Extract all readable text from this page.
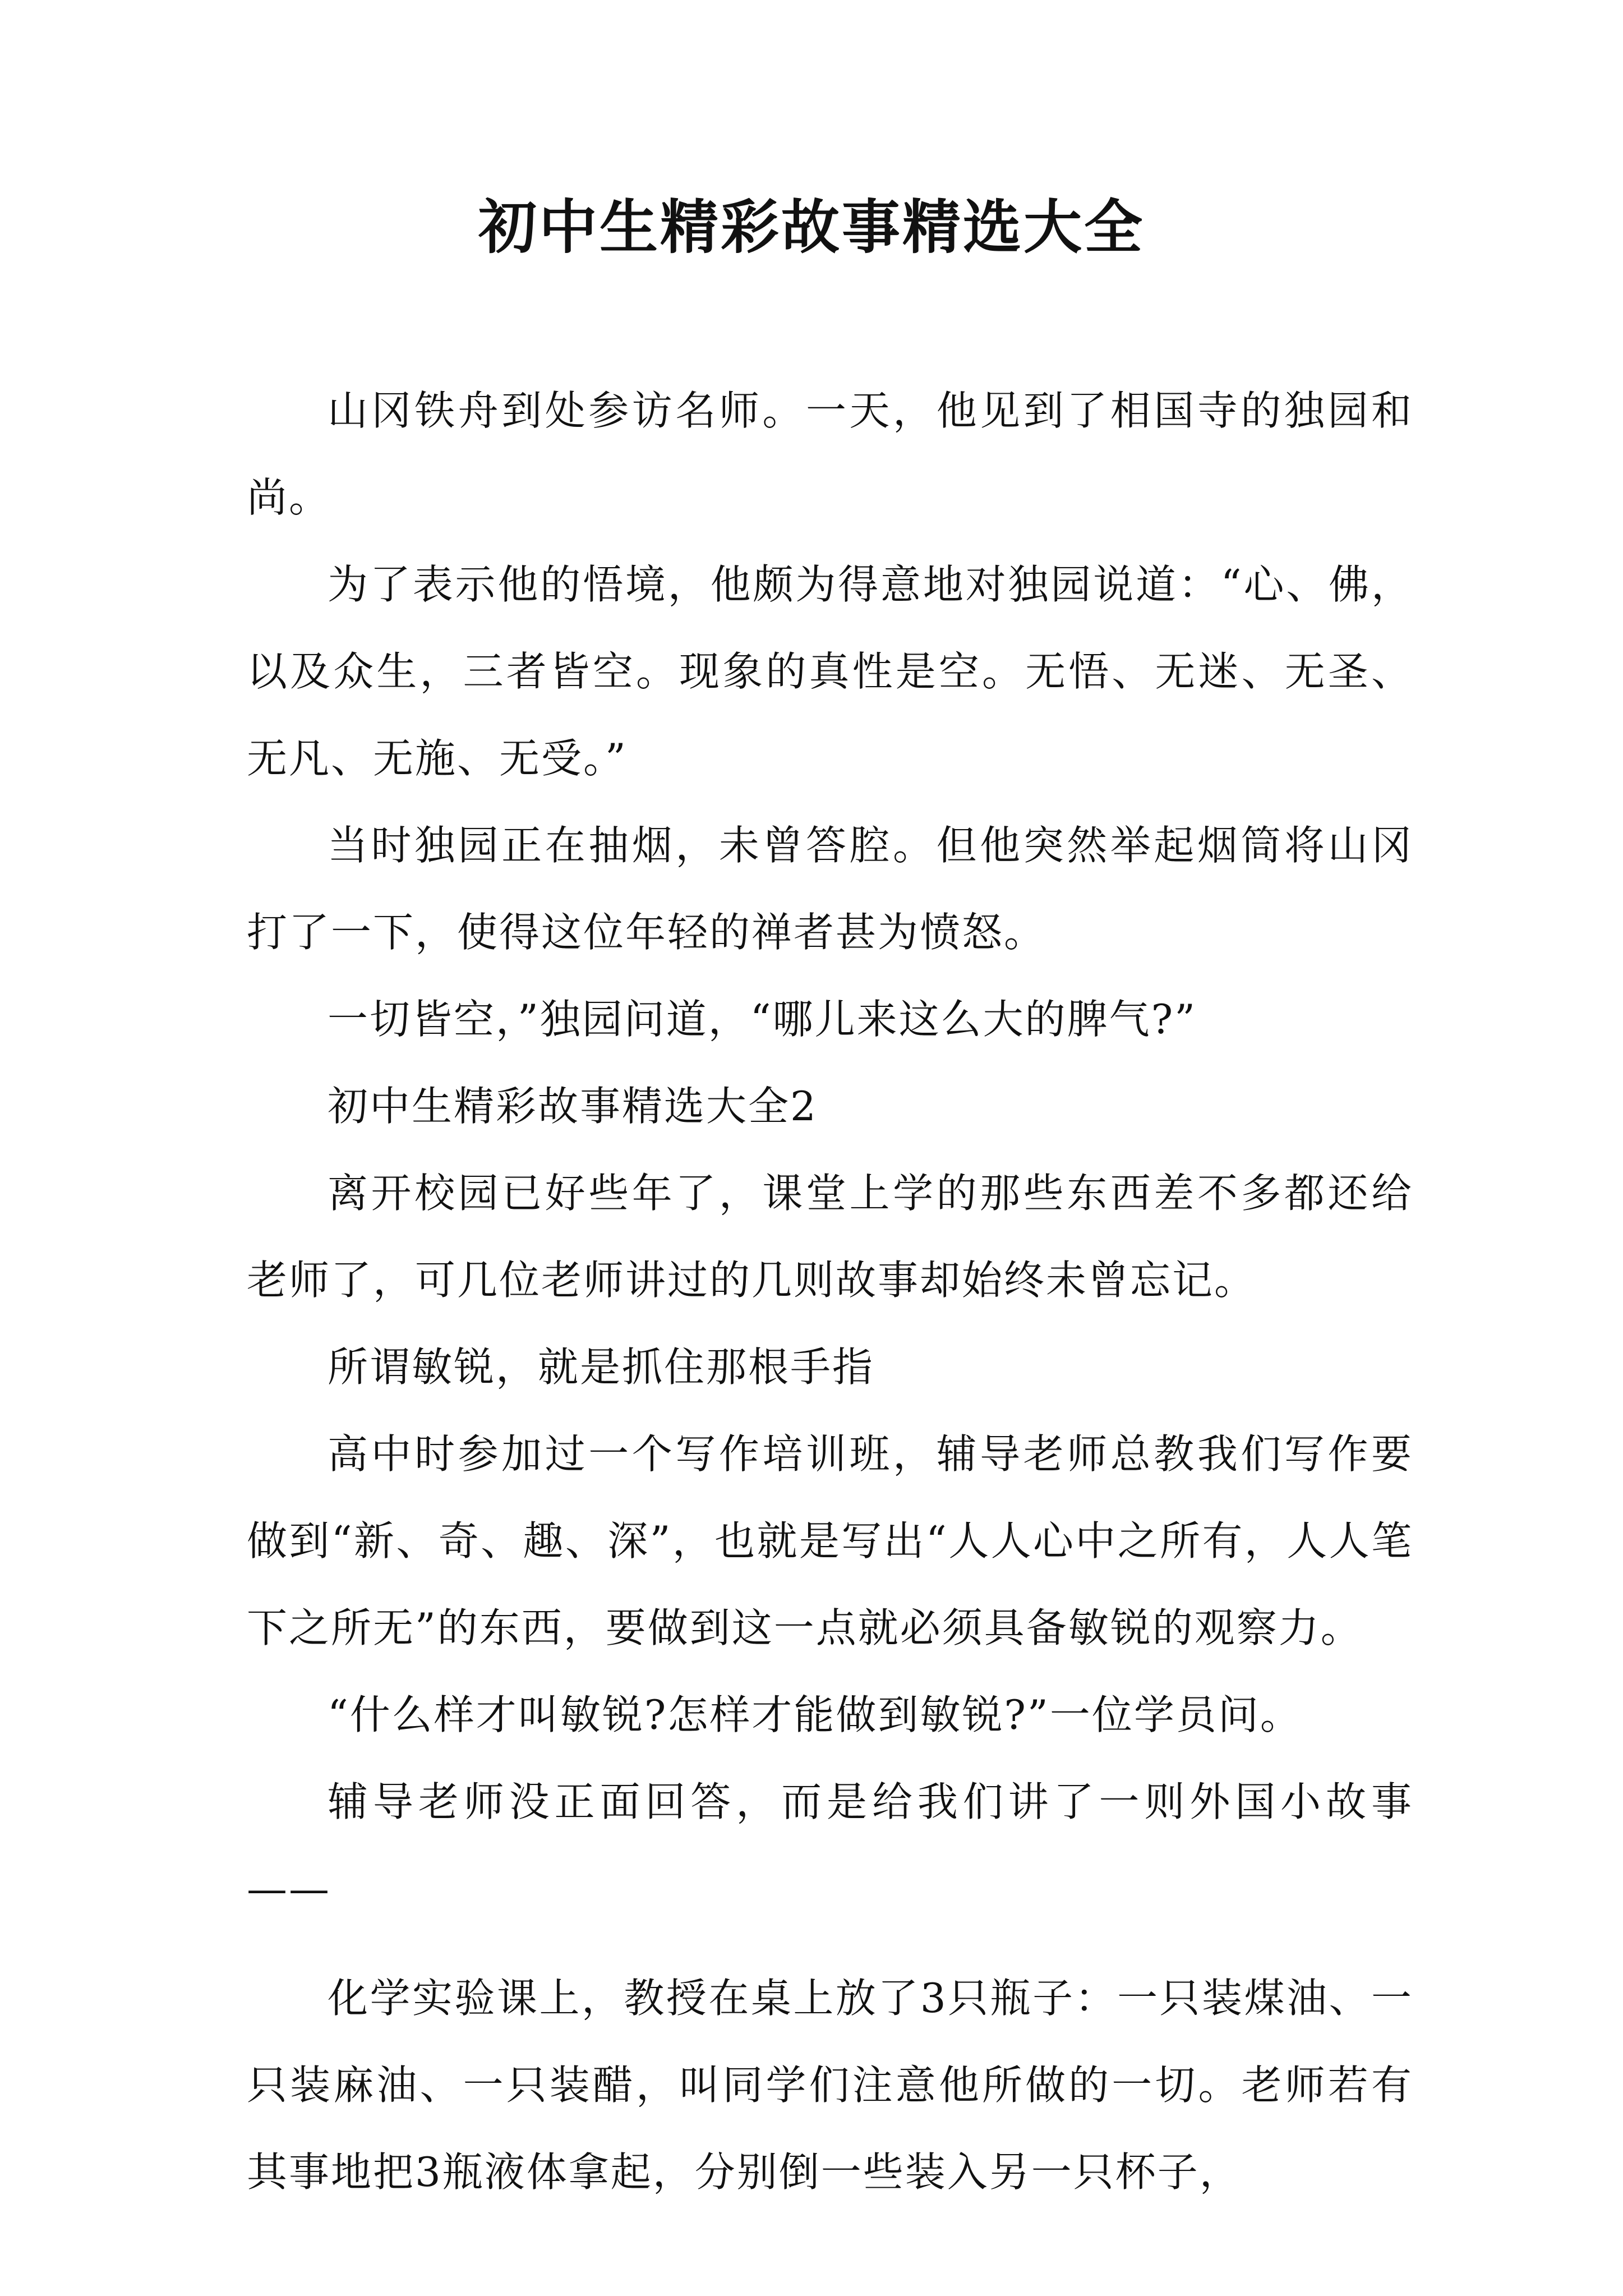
初中生精彩故事精选大全

山冈铁舟到处参访名师。一天，他见到了相国寺的独园和尚。

为了表示他的悟境，他颇为得意地对独园说道：“心、佛，以及众生，三者皆空。现象的真性是空。无悟、无迷、无圣、无凡、无施、无受。”

当时独园正在抽烟，未曾答腔。但他突然举起烟筒将山冈打了一下，使得这位年轻的禅者甚为愤怒。

一切皆空，”独园问道，“哪儿来这么大的脾气?”

初中生精彩故事精选大全2

离开校园已好些年了，课堂上学的那些东西差不多都还给老师了，可几位老师讲过的几则故事却始终未曾忘记。

所谓敏锐，就是抓住那根手指

高中时参加过一个写作培训班，辅导老师总教我们写作要做到“新、奇、趣、深”，也就是写出“人人心中之所有，人人笔下之所无”的东西，要做到这一点就必须具备敏锐的观察力。

“什么样才叫敏锐?怎样才能做到敏锐?”一位学员问。

辅导老师没正面回答，而是给我们讲了一则外国小故事——

化学实验课上，教授在桌上放了3只瓶子：一只装煤油、一只装麻油、一只装醋，叫同学们注意他所做的一切。老师若有其事地把3瓶液体拿起，分别倒一些装入另一只杯子，
